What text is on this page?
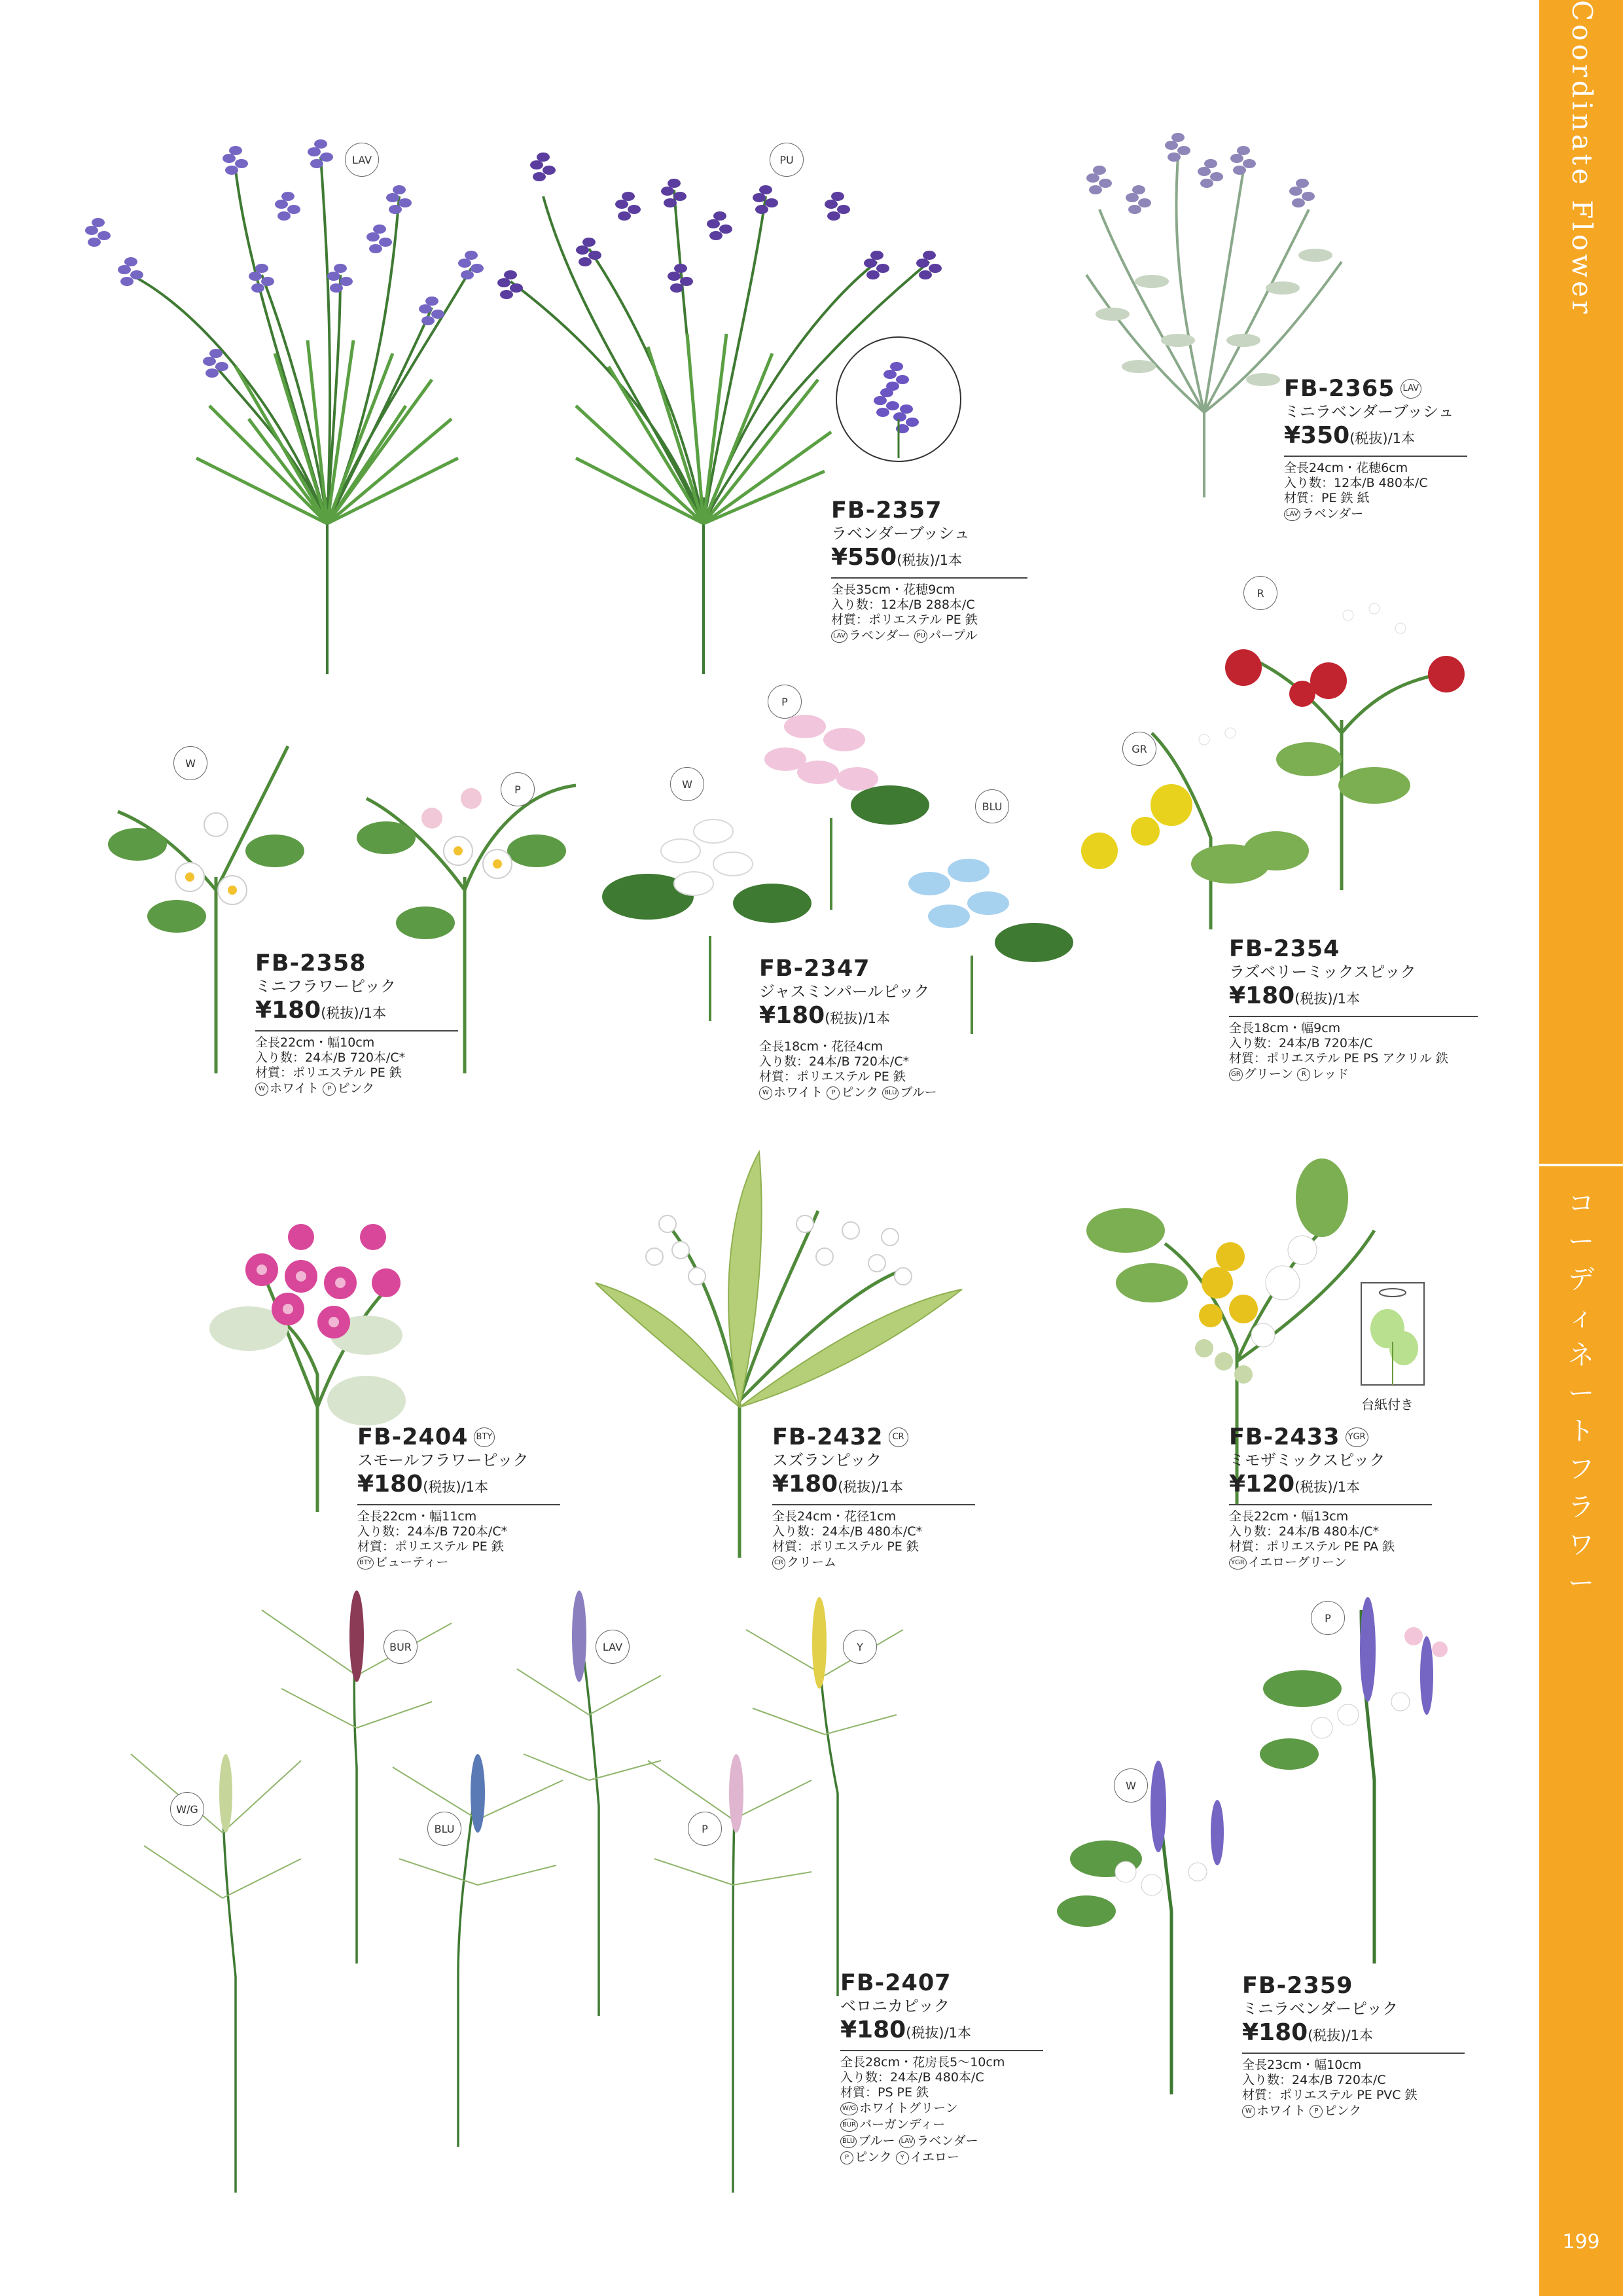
コーディネートフラワー
199
Coordinate Flower
LAV	PU
W
P	W
P
BLU
R
GR
W/G
BUR
BLU
LAV
P
Y
W
P
台紙付き
FB-2357
ラベンダーブッシュ
¥550(税抜)/1本
全長35cm・花穂9cm
入り数：12本/B 288本/C
材質：ポリエステル PE 鉄
LAV ラベンダー PU パープル
FB-2365 LAV
ミニラベンダーブッシュ
¥350(税抜)/1本
全長24cm・花穂6cm
入り数：12本/B 480本/C
材質：PE 鉄 紙
LAV ラベンダー
FB-2358
ミニフラワーピック
¥180(税抜)/1本
全長22cm・幅10cm
入り数：24本/B 720本/C*
材質：ポリエステル PE 鉄
W ホワイト P ピンク
FB-2347
ジャスミンパールピック
¥180(税抜)/1本
全長18cm・花径4cm
入り数：24本/B 720本/C*
材質：ポリエステル PE 鉄
W ホワイト P ピンク BLU ブルー
FB-2354
ラズベリーミックスピック
¥180(税抜)/1本
全長18cm・幅9cm
入り数：24本/B 720本/C
材質：ポリエステル PE PS アクリル 鉄
GR グリーン R レッド
FB-2404 BTY
スモールフラワーピック
¥180(税抜)/1本
全長22cm・幅11cm
入り数：24本/B 720本/C*
材質：ポリエステル PE 鉄
BTY ビューティー
FB-2432	CR
スズランピック
¥180(税抜)/1本
全長24cm・花径1cm
入り数：24本/B 480本/C*
材質：ポリエステル PE 鉄
CR クリーム
FB-2433 YGR
ミモザミックスピック
¥120(税抜)/1本
全長22cm・幅13cm
入り数：24本/B 480本/C*
材質：ポリエステル PE PA 鉄
YGR イエローグリーン
FB-2407
ベロニカピック
¥180(税抜)/1本
全長28cm・花房長5〜10cm
入り数：24本/B 480本/C
材質：PS PE 鉄
W/G ホワイトグリーン
BUR バーガンディー
BLU ブルー LAV ラベンダー
P ピンク Y イエロー
FB-2359
ミニラベンダーピック
¥180(税抜)/1本
全長23cm・幅10cm
入り数：24本/B 720本/C
材質：ポリエステル PE PVC 鉄
W ホワイト P ピンク
